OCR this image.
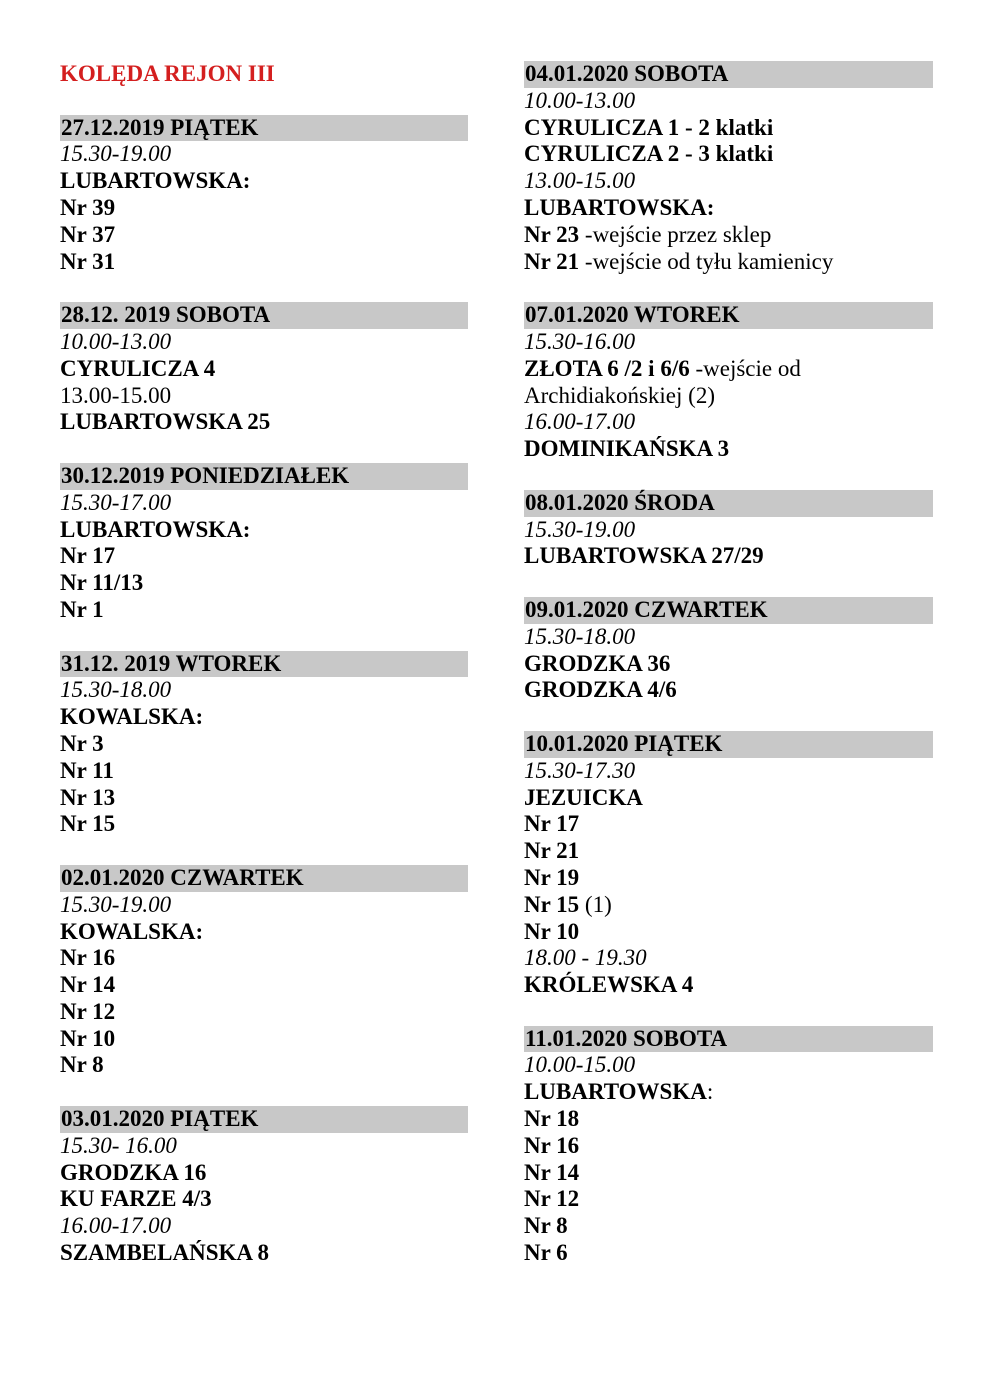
KOLĘDA REJON III
27.12.2019 PIĄTEK
15.30-19.00
LUBARTOWSKA:
Nr 39
Nr 37
Nr 31
28.12. 2019 SOBOTA
10.00-13.00
CYRULICZA 4
13.00-15.00
LUBARTOWSKA 25
30.12.2019 PONIEDZIAŁEK
15.30-17.00
LUBARTOWSKA:
Nr 17
Nr 11/13
Nr 1
31.12. 2019 WTOREK
15.30-18.00
KOWALSKA:
Nr 3
Nr 11
Nr 13
Nr 15
02.01.2020 CZWARTEK
15.30-19.00
KOWALSKA:
Nr 16
Nr 14
Nr 12
Nr 10
Nr 8
03.01.2020 PIĄTEK
15.30- 16.00
GRODZKA 16
KU FARZE 4/3
16.00-17.00
SZAMBELAŃSKA 8
04.01.2020 SOBOTA
10.00-13.00
CYRULICZA 1 - 2 klatki
CYRULICZA 2 - 3 klatki
13.00-15.00
LUBARTOWSKA:
Nr 23 -wejście przez sklep
Nr 21 -wejście od tyłu kamienicy
07.01.2020 WTOREK
15.30-16.00
ZŁOTA 6 /2 i 6/6 -wejście od
Archidiakońskiej (2)
16.00-17.00
DOMINIKAŃSKA 3
08.01.2020 ŚRODA
15.30-19.00
LUBARTOWSKA 27/29
09.01.2020 CZWARTEK
15.30-18.00
GRODZKA 36
GRODZKA 4/6
10.01.2020 PIĄTEK
15.30-17.30
JEZUICKA
Nr 17
Nr 21
Nr 19
Nr 15 (1)
Nr 10
18.00 - 19.30
KRÓLEWSKA 4
11.01.2020 SOBOTA
10.00-15.00
LUBARTOWSKA:
Nr 18
Nr 16
Nr 14
Nr 12
Nr 8
Nr 6
